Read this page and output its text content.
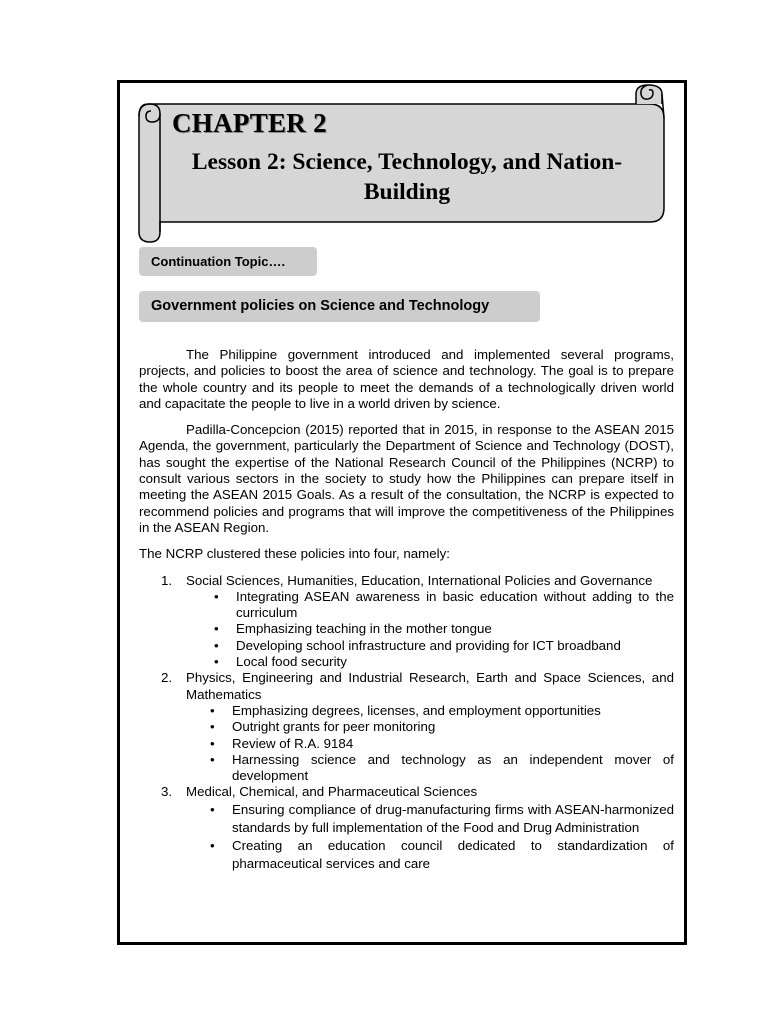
CHAPTER 2
Lesson 2: Science, Technology, and Nation-Building
Continuation Topic….
Government policies on Science and Technology

The Philippine government introduced and implemented several programs, projects, and policies to boost the area of science and technology. The goal is to prepare the whole country and its people to meet the demands of a technologically driven world and capacitate the people to live in a world driven by science.

Padilla-Concepcion (2015) reported that in 2015, in response to the ASEAN 2015 Agenda, the government, particularly the Department of Science and Technology (DOST), has sought the expertise of the National Research Council of the Philippines (NCRP) to consult various sectors in the society to study how the Philippines can prepare itself in meeting the ASEAN 2015 Goals. As a result of the consultation, the NCRP is expected to recommend policies and programs that will improve the competitiveness of the Philippines in the ASEAN Region.

The NCRP clustered these policies into four, namely:

1. Social Sciences, Humanities, Education, International Policies and Governance
• Integrating ASEAN awareness in basic education without adding to the curriculum
• Emphasizing teaching in the mother tongue
• Developing school infrastructure and providing for ICT broadband
• Local food security
2. Physics, Engineering and Industrial Research, Earth and Space Sciences, and Mathematics
• Emphasizing degrees, licenses, and employment opportunities
• Outright grants for peer monitoring
• Review of R.A. 9184
• Harnessing science and technology as an independent mover of development
3. Medical, Chemical, and Pharmaceutical Sciences
• Ensuring compliance of drug-manufacturing firms with ASEAN-harmonized standards by full implementation of the Food and Drug Administration
• Creating an education council dedicated to standardization of pharmaceutical services and care
